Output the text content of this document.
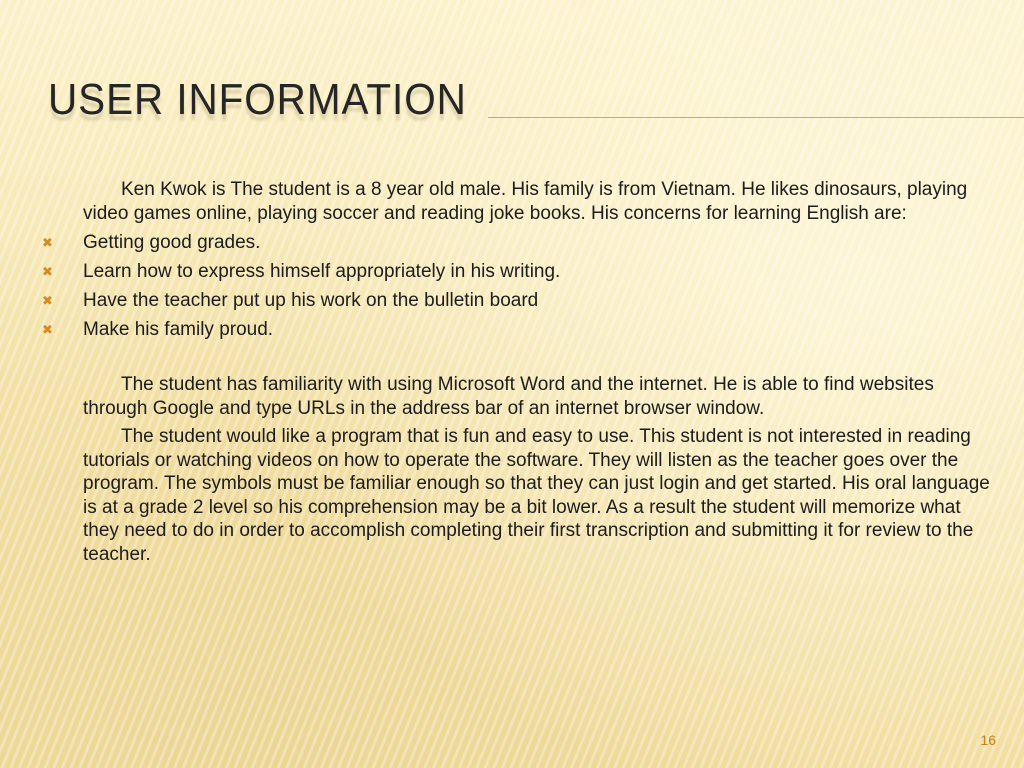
USER INFORMATION

Ken Kwok is The student is a 8 year old male. His family is from Vietnam. He likes dinosaurs, playing video games online, playing soccer and reading joke books. His concerns for learning English are:

✖ Getting good grades.
✖ Learn how to express himself appropriately in his writing.
✖ Have the teacher put up his work on the bulletin board
✖ Make his family proud.

The student has familiarity with using Microsoft Word and the internet. He is able to find websites through Google and type URLs in the address bar of an internet browser window.

The student would like a program that is fun and easy to use. This student is not interested in reading tutorials or watching videos on how to operate the software. They will listen as the teacher goes over the program. The symbols must be familiar enough so that they can just login and get started. His oral language is at a grade 2 level so his comprehension may be a bit lower. As a result the student will memorize what they need to do in order to accomplish completing their first transcription and submitting it for review to the teacher.

16
